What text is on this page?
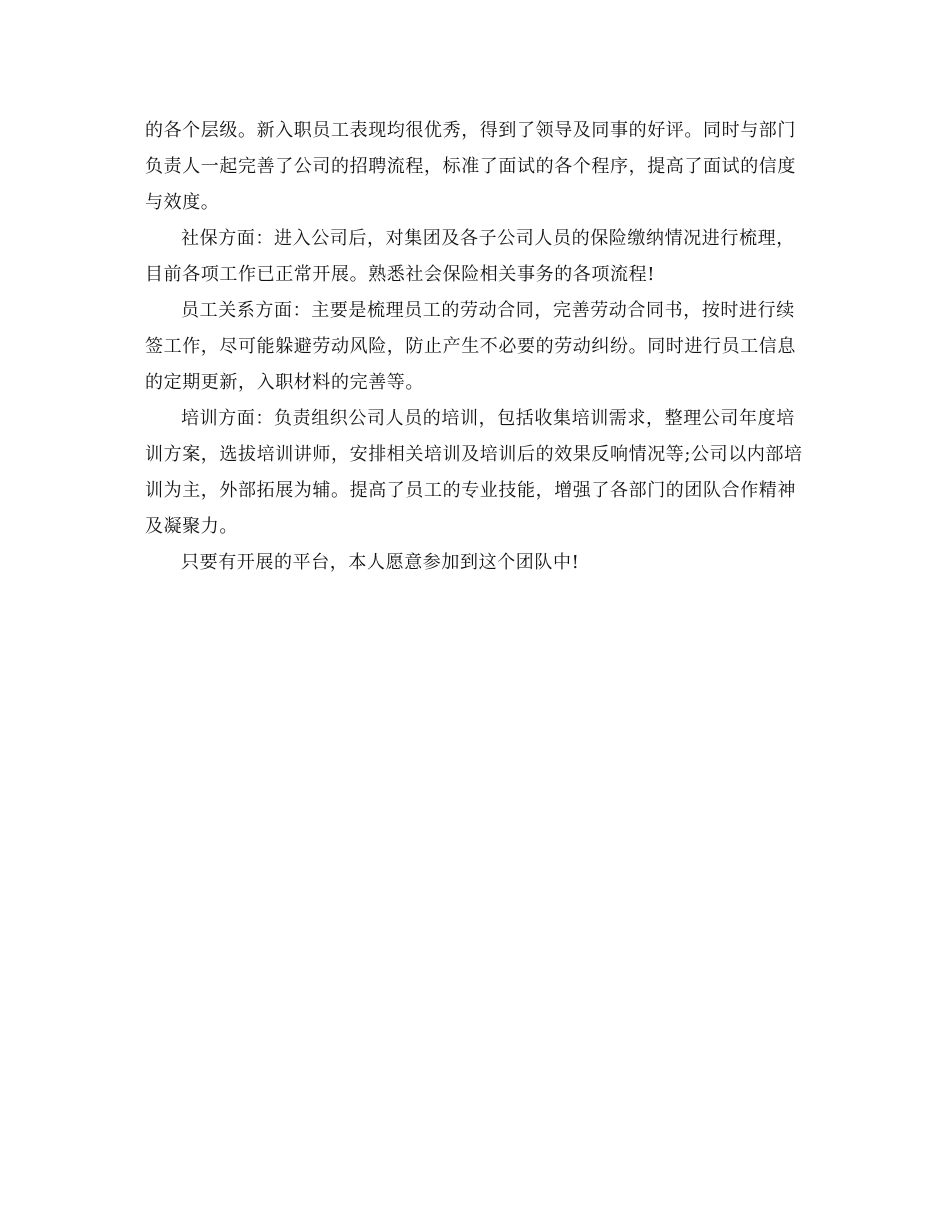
的各个层级。新入职员工表现均很优秀，得到了领导及同事的好评。同时与部门
负责人一起完善了公司的招聘流程，标准了面试的各个程序，提高了面试的信度
与效度。
社保方面：进入公司后，对集团及各子公司人员的保险缴纳情况进行梳理，
目前各项工作已正常开展。熟悉社会保险相关事务的各项流程!
员工关系方面：主要是梳理员工的劳动合同，完善劳动合同书，按时进行续
签工作，尽可能躲避劳动风险，防止产生不必要的劳动纠纷。同时进行员工信息
的定期更新，入职材料的完善等。
培训方面：负责组织公司人员的培训，包括收集培训需求，整理公司年度培
训方案，选拔培训讲师，安排相关培训及培训后的效果反响情况等;公司以内部培
训为主，外部拓展为辅。提高了员工的专业技能，增强了各部门的团队合作精神
及凝聚力。
只要有开展的平台，本人愿意参加到这个团队中!
